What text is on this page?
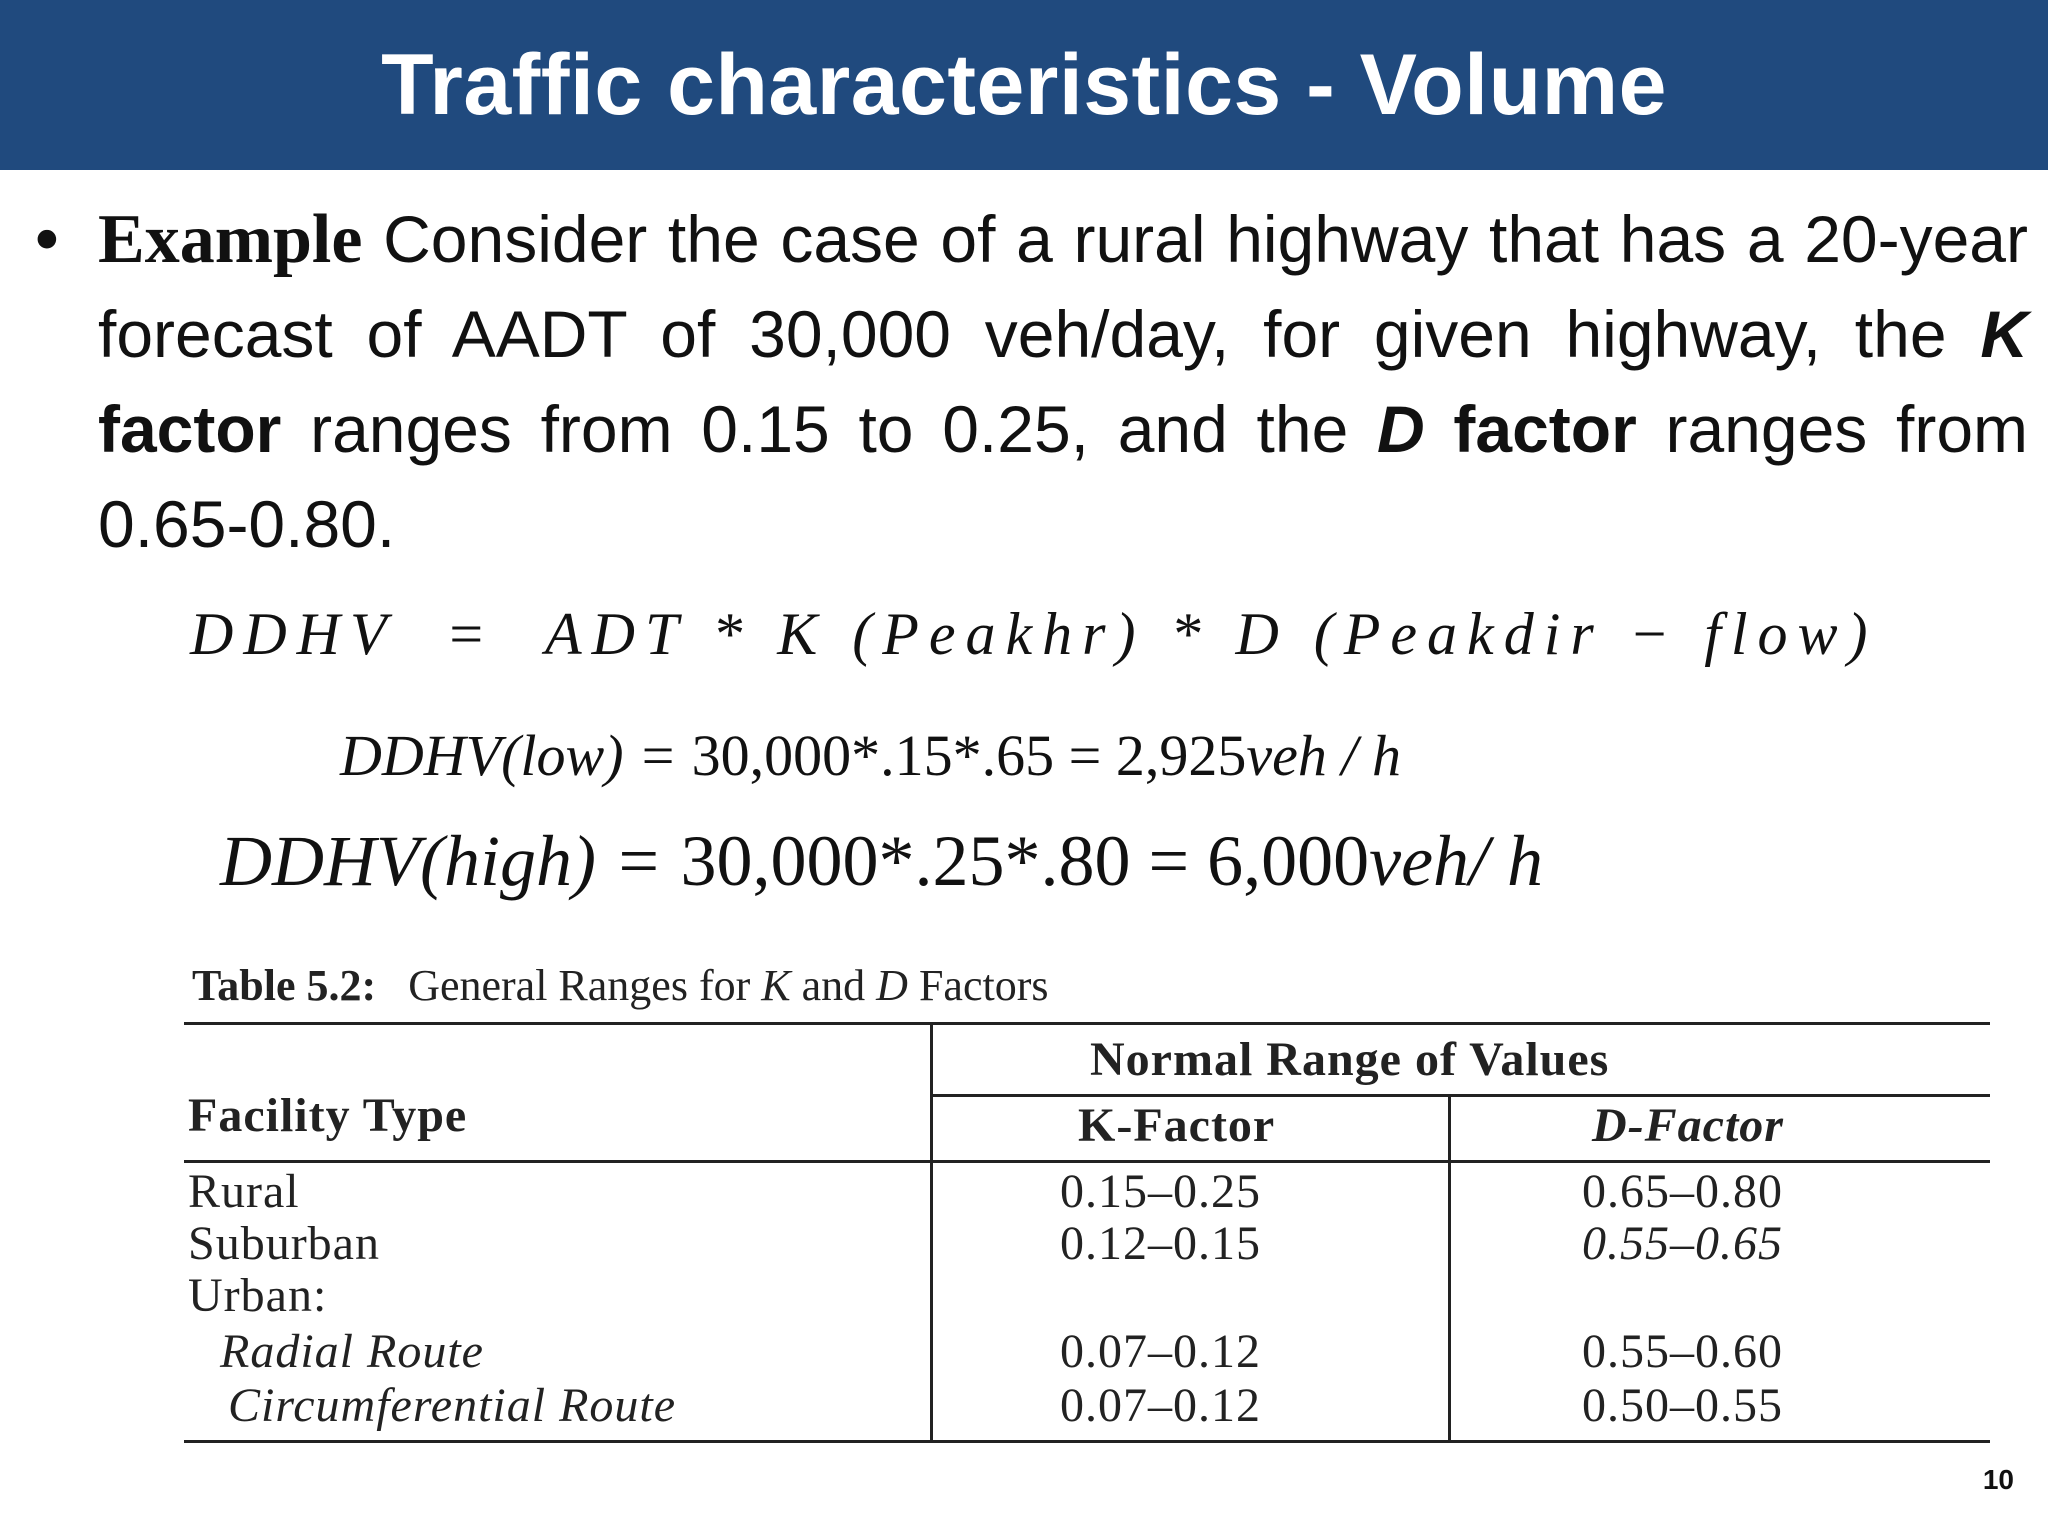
Traffic characteristics - Volume
• Example Consider the case of a rural highway that has a 20-year forecast of AADT of 30,000 veh/day, for given highway, the K factor ranges from 0.15 to 0.25, and the D factor ranges from 0.65-0.80.
DDHV  =  ADT * K (Peakhr) * D (Peakdir − flow)
DDHV(low) = 30,000*.15*.65 = 2,925veh / h
DDHV(high) = 30,000*.25*.80 = 6,000veh/ h
Table 5.2: General Ranges for K and D Factors
Normal Range of Values
Facility Type	K-Factor	D-Factor
Rural	0.15–0.25	0.65–0.80
Suburban	0.12–0.15	0.55–0.65
Urban:
Radial Route	0.07–0.12	0.55–0.60
Circumferential Route	0.07–0.12	0.50–0.55
10
